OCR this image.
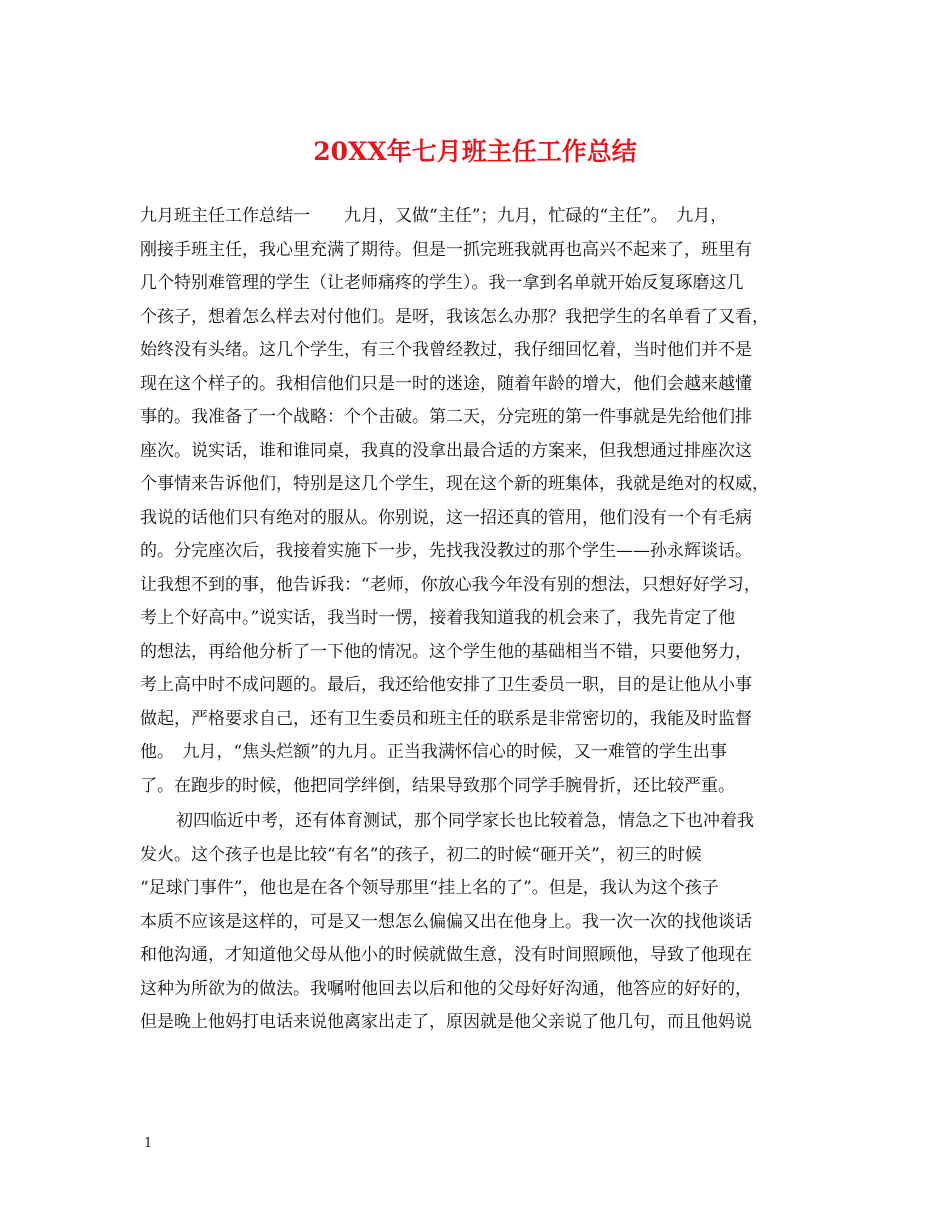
20XX年七月班主任工作总结
九月班主任工作总结一　　九月，又做“主任”；九月，忙碌的“主任”。　九月，
刚接手班主任，我心里充满了期待。但是一抓完班我就再也高兴不起来了，班里有
几个特别难管理的学生（让老师痛疼的学生）。我一拿到名单就开始反复琢磨这几
个孩子，想着怎么样去对付他们。是呀，我该怎么办那？我把学生的名单看了又看，
始终没有头绪。这几个学生，有三个我曾经教过，我仔细回忆着，当时他们并不是
现在这个样子的。我相信他们只是一时的迷途，随着年龄的增大，他们会越来越懂
事的。我准备了一个战略：个个击破。第二天，分完班的第一件事就是先给他们排
座次。说实话，谁和谁同桌，我真的没拿出最合适的方案来，但我想通过排座次这
个事情来告诉他们，特别是这几个学生，现在这个新的班集体，我就是绝对的权威，
我说的话他们只有绝对的服从。你别说，这一招还真的管用，他们没有一个有毛病
的。分完座次后，我接着实施下一步，先找我没教过的那个学生——孙永辉谈话。
让我想不到的事，他告诉我：“老师，你放心我今年没有别的想法，只想好好学习，
考上个好高中。”说实话，我当时一愣，接着我知道我的机会来了，我先肯定了他
的想法，再给他分析了一下他的情况。这个学生他的基础相当不错，只要他努力，
考上高中时不成问题的。最后，我还给他安排了卫生委员一职，目的是让他从小事
做起，严格要求自己，还有卫生委员和班主任的联系是非常密切的，我能及时监督
他。　九月，“焦头烂额”的九月。正当我满怀信心的时候，又一难管的学生出事
了。在跑步的时候，他把同学绊倒，结果导致那个同学手腕骨折，还比较严重。
初四临近中考，还有体育测试，那个同学家长也比较着急，情急之下也冲着我
发火。这个孩子也是比较“有名”的孩子，初二的时候“砸开关”，初三的时候
“足球门事件”，他也是在各个领导那里“挂上名的了”。但是，我认为这个孩子
本质不应该是这样的，可是又一想怎么偏偏又出在他身上。我一次一次的找他谈话
和他沟通，才知道他父母从他小的时候就做生意，没有时间照顾他，导致了他现在
这种为所欲为的做法。我嘱咐他回去以后和他的父母好好沟通，他答应的好好的，
但是晚上他妈打电话来说他离家出走了，原因就是他父亲说了他几句，而且他妈说
1
